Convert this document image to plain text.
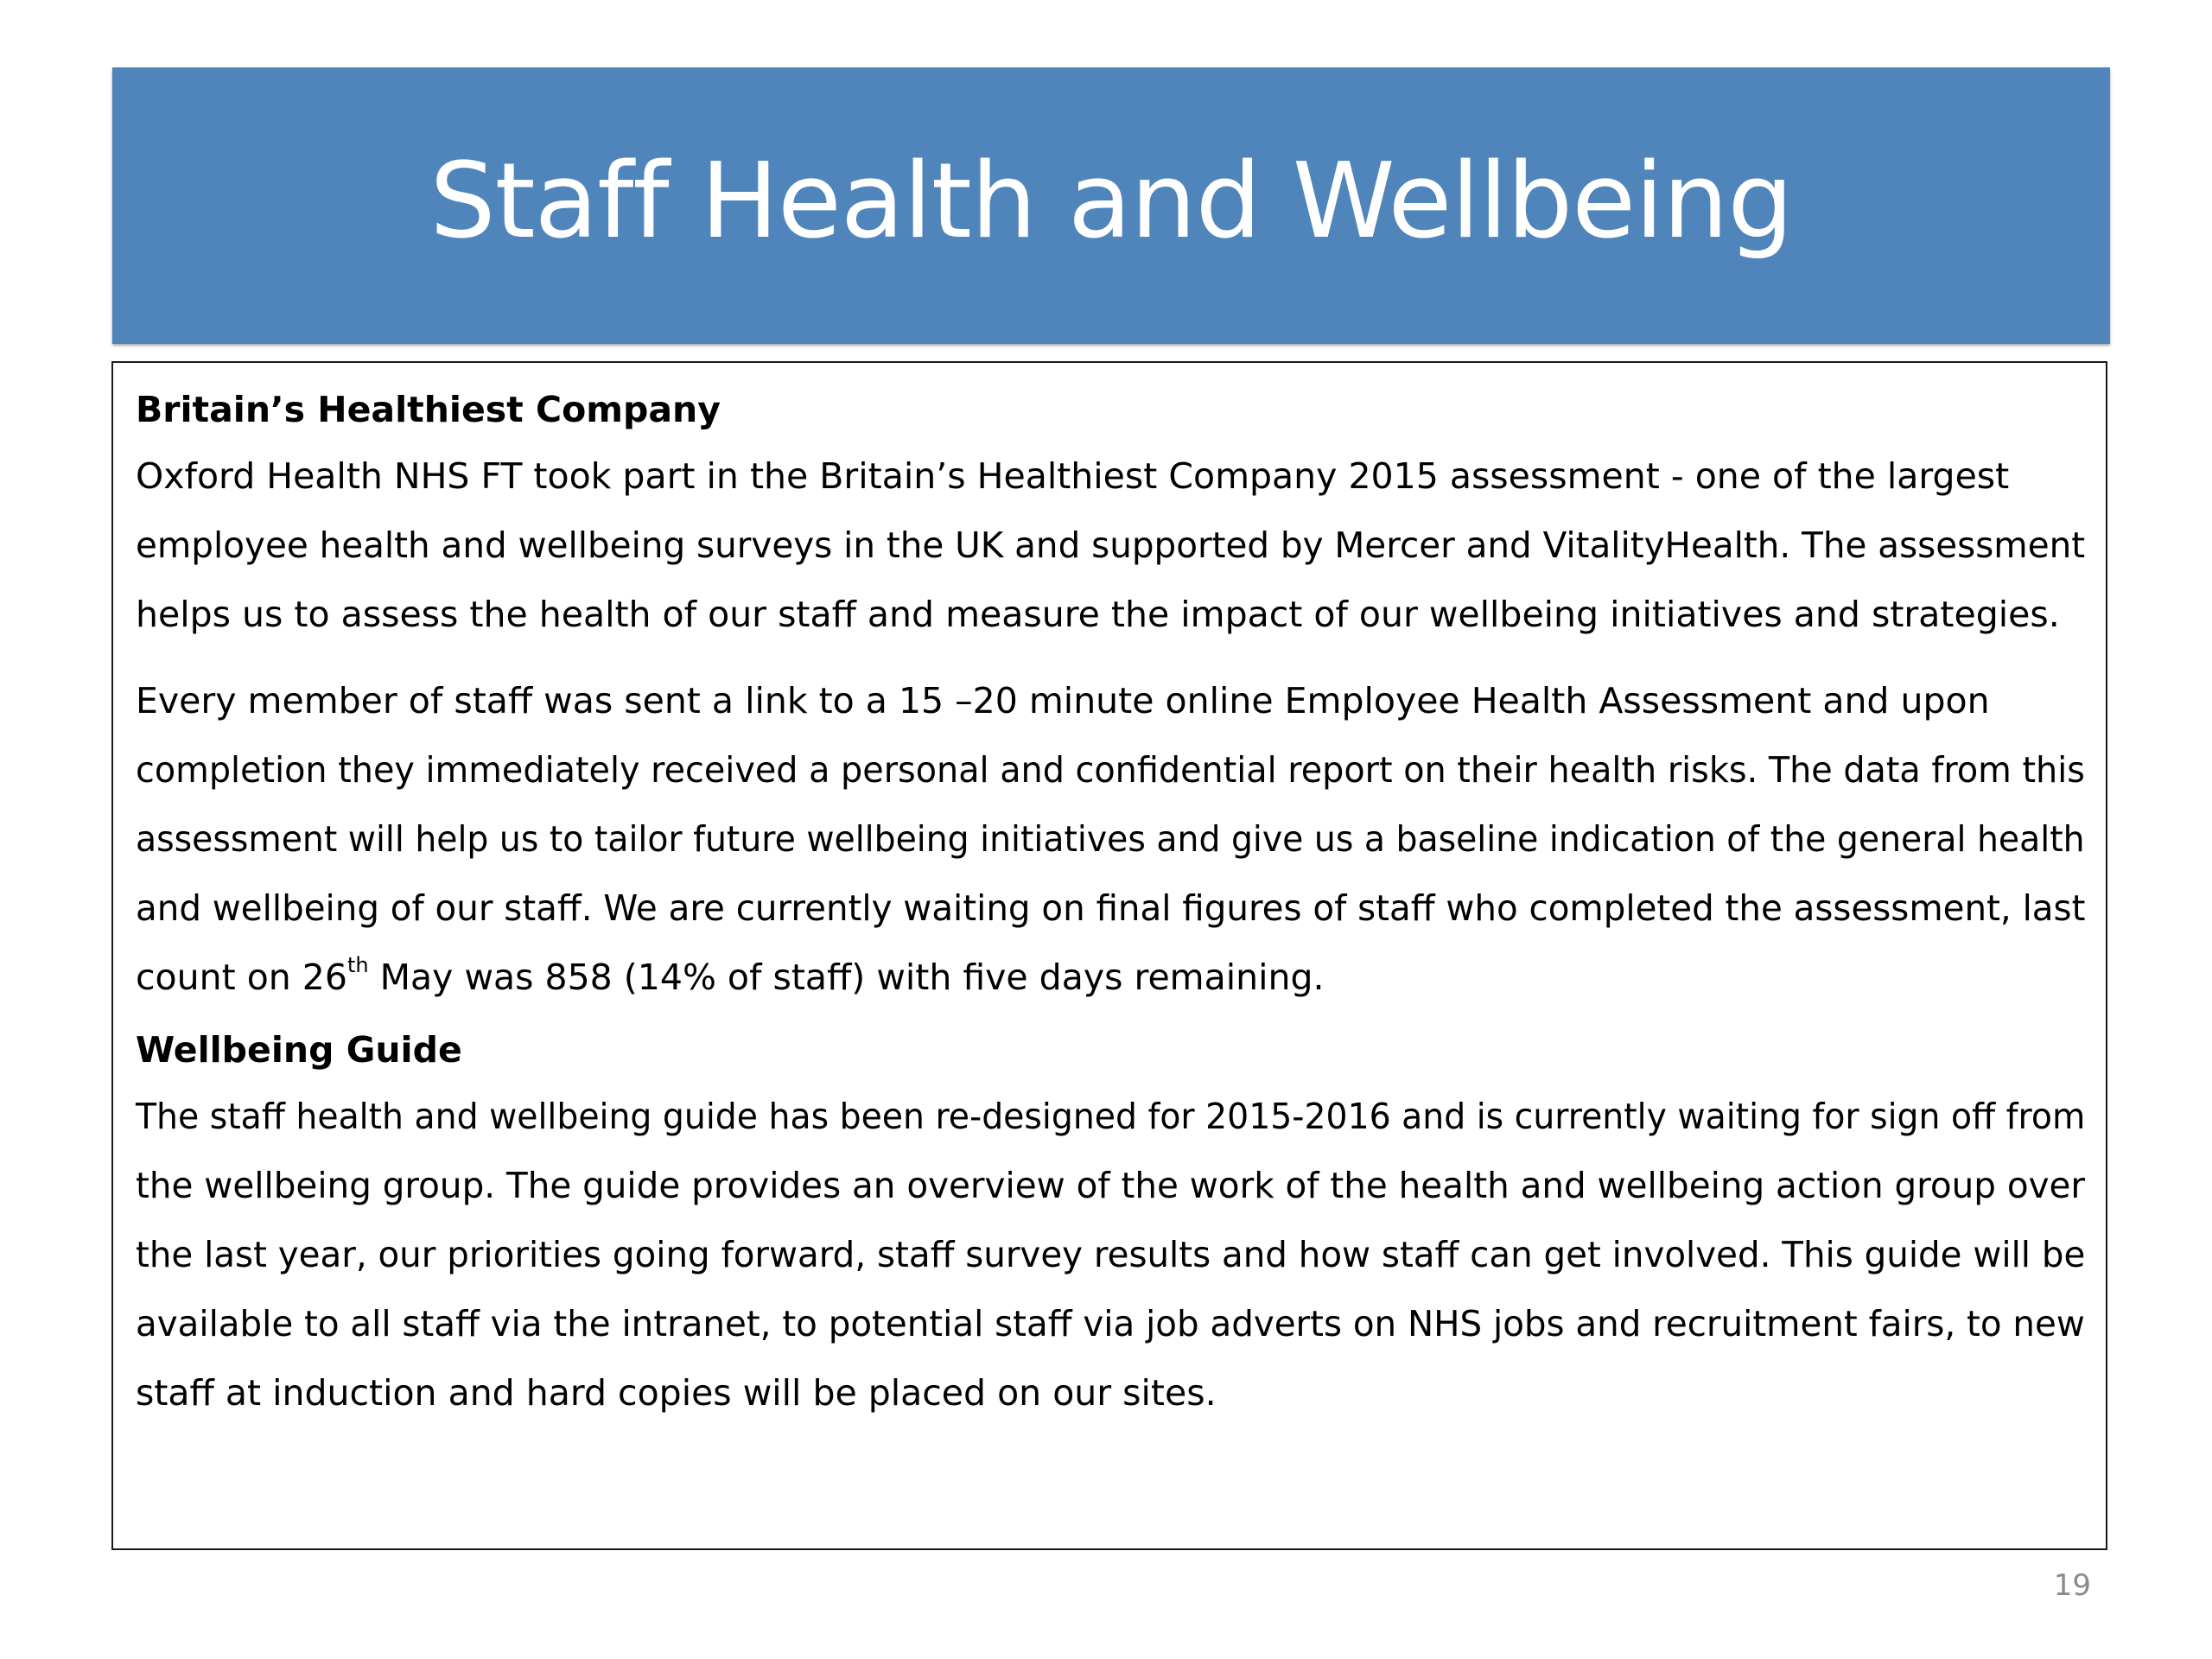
Staff Health and Wellbeing

Britain’s Healthiest Company

Oxford Health NHS FT took part in the Britain’s Healthiest Company 2015 assessment - one of the largest
employee health and wellbeing surveys in the UK and supported by Mercer and VitalityHealth. The assessment
helps us to assess the health of our staff and measure the impact of our wellbeing initiatives and strategies.

Every member of staff was sent a link to a 15 –20 minute online Employee Health Assessment and upon
completion they immediately received a personal and confidential report on their health risks. The data from this
assessment will help us to tailor future wellbeing initiatives and give us a baseline indication of the general health
and wellbeing of our staff. We are currently waiting on final figures of staff who completed the assessment, last
count on 26th May was 858 (14% of staff) with five days remaining.

Wellbeing Guide

The staff health and wellbeing guide has been re-designed for 2015-2016 and is currently waiting for sign off from
the wellbeing group. The guide provides an overview of the work of the health and wellbeing action group over
the last year, our priorities going forward, staff survey results and how staff can get involved. This guide will be
available to all staff via the intranet, to potential staff via job adverts on NHS jobs and recruitment fairs, to new
staff at induction and hard copies will be placed on our sites.

19
